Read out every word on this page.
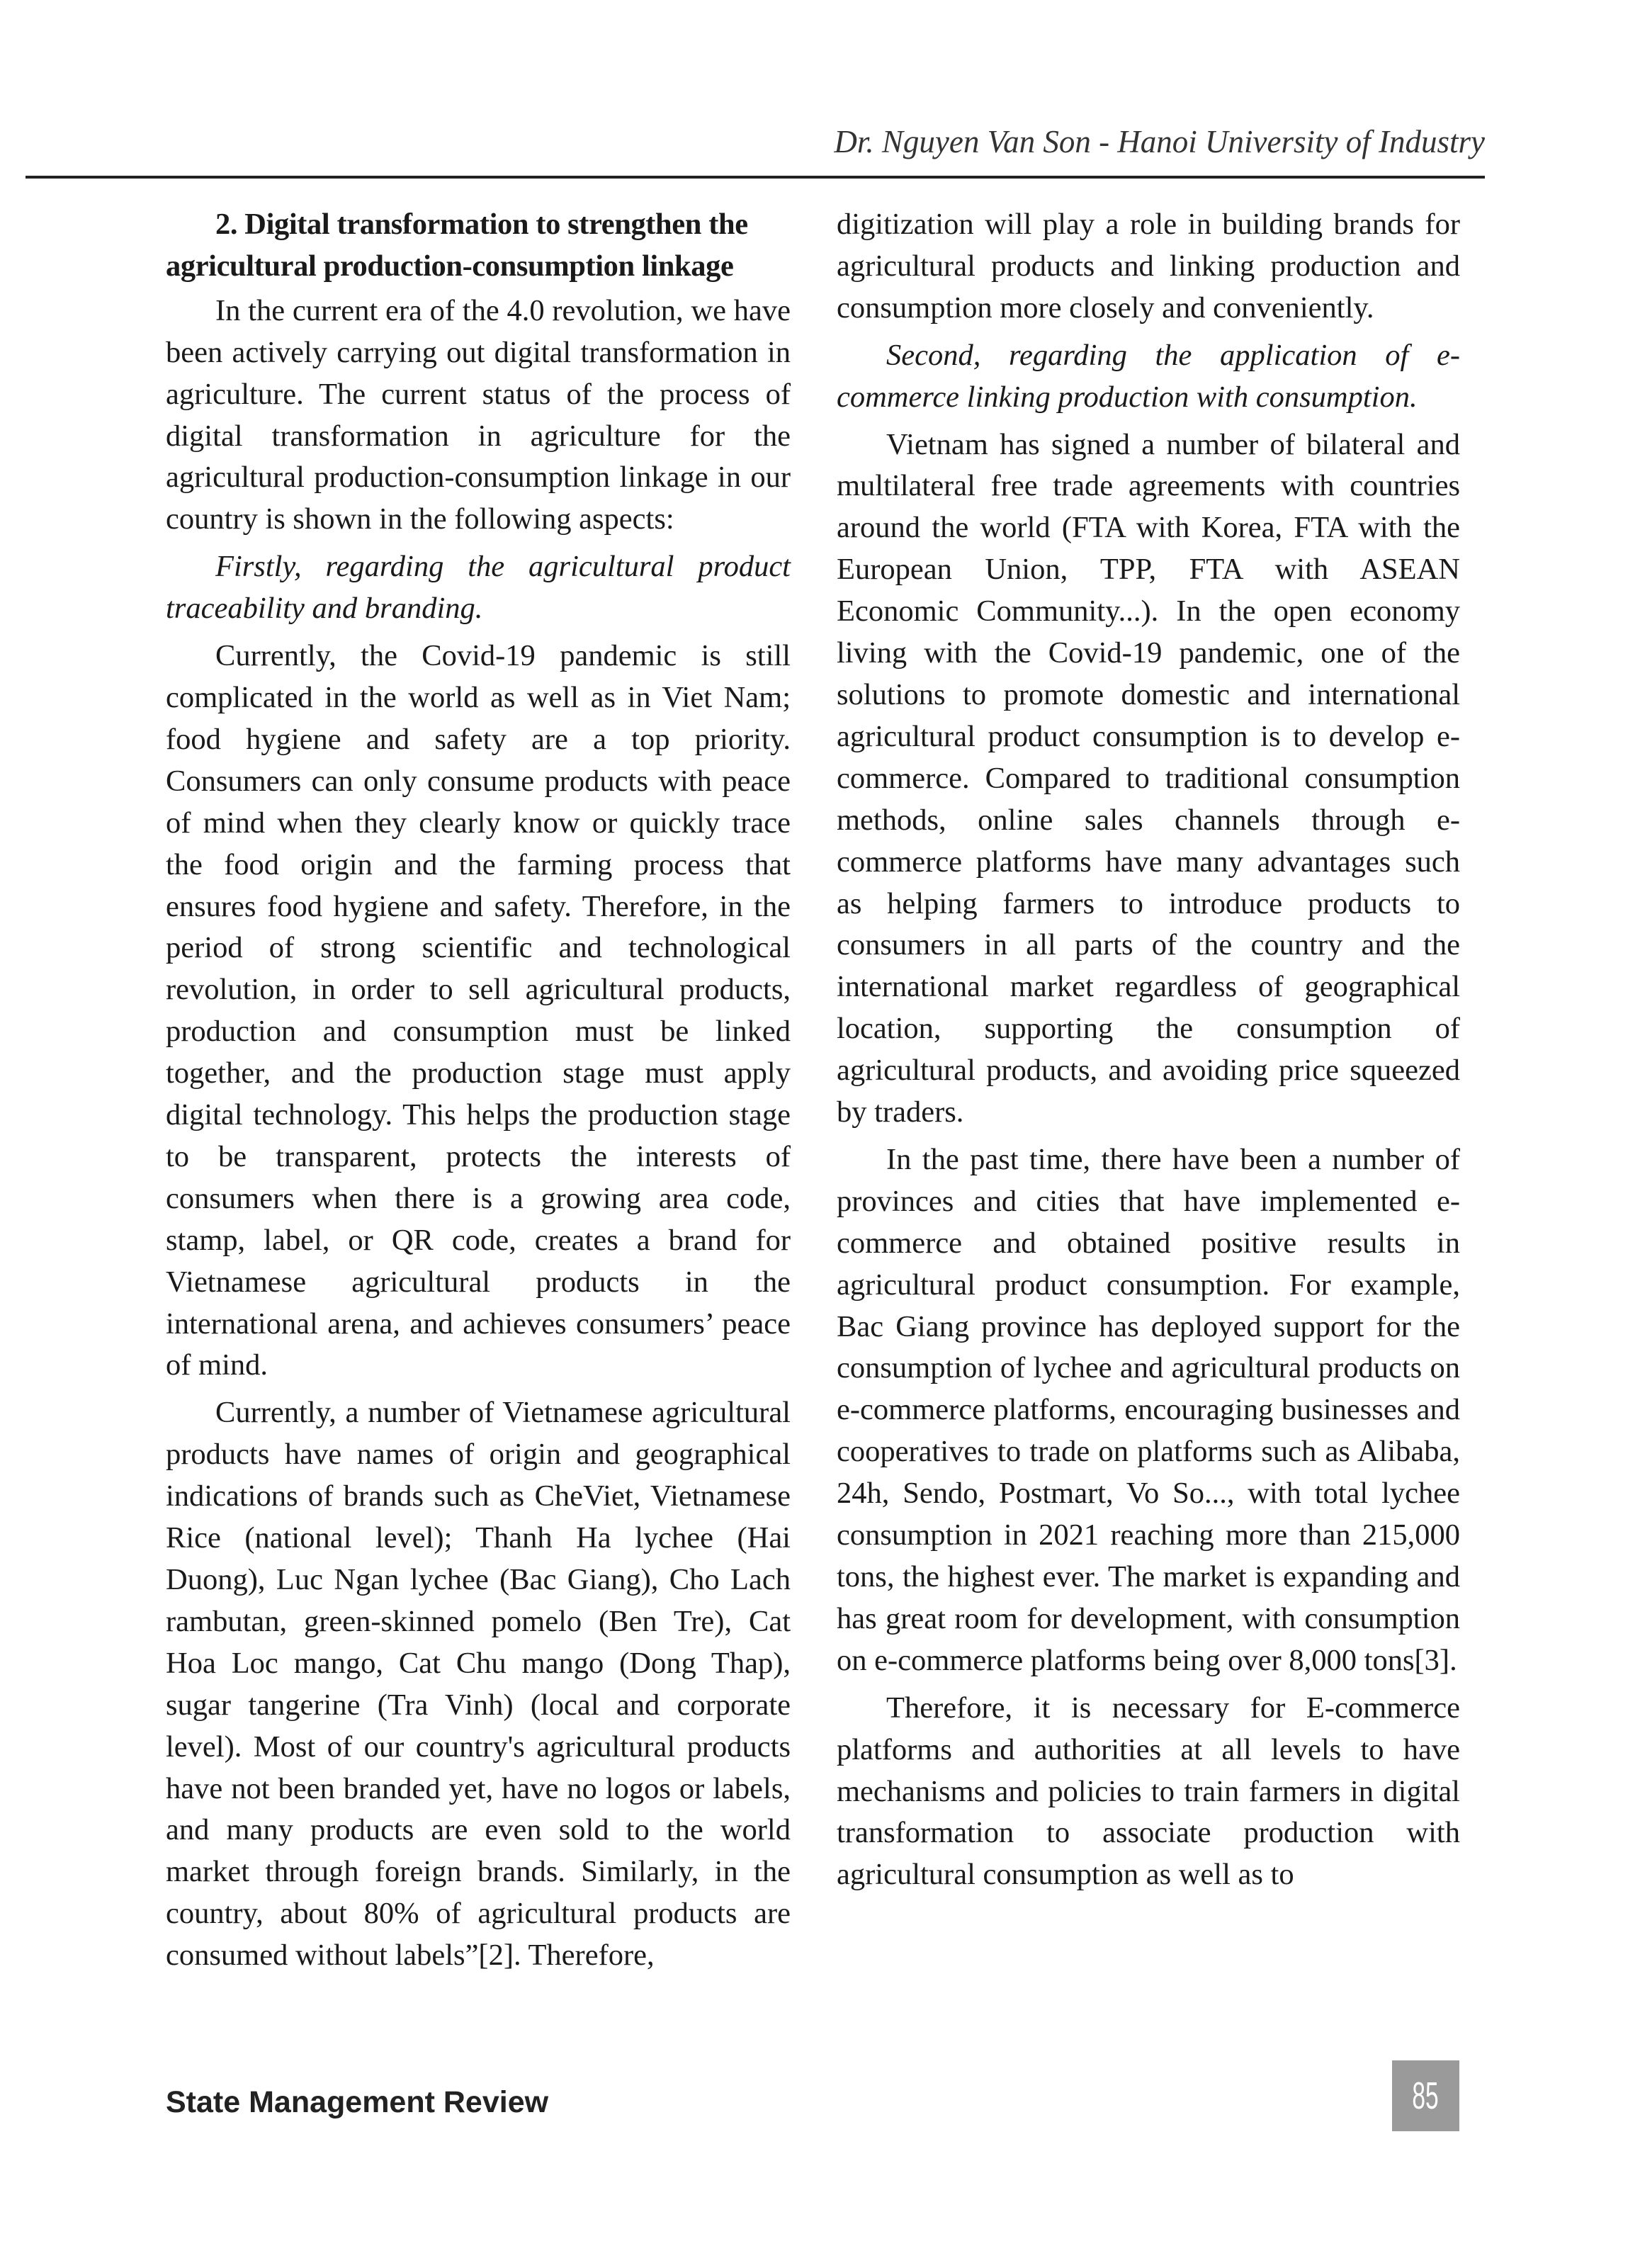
Dr. Nguyen Van Son - Hanoi University of Industry
2. Digital transformation to strengthen the agricultural production-consumption linkage

In the current era of the 4.0 revolution, we have been actively carrying out digital transformation in agriculture. The current status of the process of digital transformation in agriculture for the agricultural production-consumption linkage in our country is shown in the following aspects:

Firstly, regarding the agricultural product traceability and branding.

Currently, the Covid-19 pandemic is still complicated in the world as well as in Viet Nam; food hygiene and safety are a top priority. Consumers can only consume products with peace of mind when they clearly know or quickly trace the food origin and the farming process that ensures food hygiene and safety. Therefore, in the period of strong scientific and technological revolution, in order to sell agricultural products, production and consumption must be linked together, and the production stage must apply digital technology. This helps the production stage to be transparent, protects the interests of consumers when there is a growing area code, stamp, label, or QR code, creates a brand for Vietnamese agricultural products in the international arena, and achieves consumers’ peace of mind.

Currently, a number of Vietnamese agricultural products have names of origin and geographical indications of brands such as CheViet, Vietnamese Rice (national level); Thanh Ha lychee (Hai Duong), Luc Ngan lychee (Bac Giang), Cho Lach rambutan, green-skinned pomelo (Ben Tre), Cat Hoa Loc mango, Cat Chu mango (Dong Thap), sugar tangerine (Tra Vinh) (local and corporate level). Most of our country's agricultural products have not been branded yet, have no logos or labels, and many products are even sold to the world market through foreign brands. Similarly, in the country, about 80% of agricultural products are consumed without labels”[2]. Therefore,

digitization will play a role in building brands for agricultural products and linking production and consumption more closely and conveniently.

Second, regarding the application of e-commerce linking production with consumption.

Vietnam has signed a number of bilateral and multilateral free trade agreements with countries around the world (FTA with Korea, FTA with the European Union, TPP, FTA with ASEAN Economic Community...). In the open economy living with the Covid-19 pandemic, one of the solutions to promote domestic and international agricultural product consumption is to develop e-commerce. Compared to traditional consumption methods, online sales channels through e-commerce platforms have many advantages such as helping farmers to introduce products to consumers in all parts of the country and the international market regardless of geographical location, supporting the consumption of agricultural products, and avoiding price squeezed by traders.

In the past time, there have been a number of provinces and cities that have implemented e-commerce and obtained positive results in agricultural product consumption. For example, Bac Giang province has deployed support for the consumption of lychee and agricultural products on e-commerce platforms, encouraging businesses and cooperatives to trade on platforms such as Alibaba, 24h, Sendo, Postmart, Vo So..., with total lychee consumption in 2021 reaching more than 215,000 tons, the highest ever. The market is expanding and has great room for development, with consumption on e-commerce platforms being over 8,000 tons[3].

Therefore, it is necessary for E-commerce platforms and authorities at all levels to have mechanisms and policies to train farmers in digital transformation to associate production with agricultural consumption as well as to

State Management Review	85
